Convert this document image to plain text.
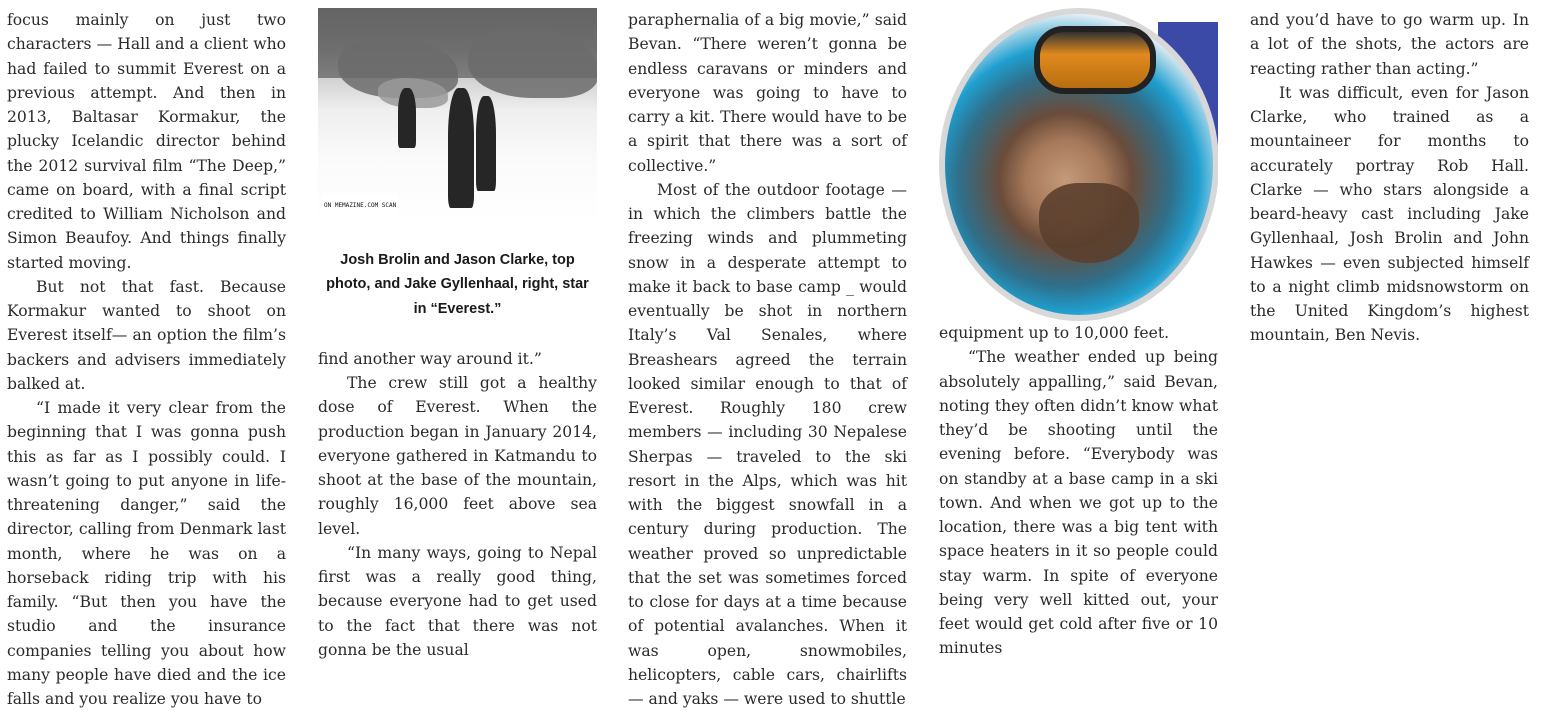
focus mainly on just two characters — Hall and a client who had failed to summit Everest on a previous attempt. And then in 2013, Baltasar Kormakur, the plucky Icelandic director behind the 2012 survival film “The Deep,” came on board, with a final script credited to William Nicholson and Simon Beaufoy. And things finally started moving.

But not that fast. Because Kormakur wanted to shoot on Everest itself— an option the film’s backers and advisers immediately balked at.

“I made it very clear from the beginning that I was gonna push this as far as I possibly could. I wasn’t going to put anyone in life-threatening danger,” said the director, calling from Denmark last month, where he was on a horseback riding trip with his family. “But then you have the studio and the insurance companies telling you about how many people have died and the ice falls and you realize you have to

ON MEMAZINE.COM SCAN
Josh Brolin and Jason Clarke, top photo, and Jake Gyllenhaal, right, star in “Everest.”

find another way around it.”

The crew still got a healthy dose of Everest. When the production began in January 2014, everyone gathered in Katmandu to shoot at the base of the mountain, roughly 16,000 feet above sea level.

“In many ways, going to Nepal first was a really good thing, because everyone had to get used to the fact that there was not gonna be the usual

paraphernalia of a big movie,” said Bevan. “There weren’t gonna be endless caravans or minders and everyone was going to have to carry a kit. There would have to be a spirit that there was a sort of collective.”

Most of the outdoor footage —in which the climbers battle the freezing winds and plummeting snow in a desperate attempt to make it back to base camp _ would eventually be shot in northern Italy’s Val Senales, where Breashears agreed the terrain looked similar enough to that of Everest. Roughly 180 crew members — including 30 Nepalese Sherpas — traveled to the ski resort in the Alps, which was hit with the biggest snowfall in a century during production. The weather proved so unpredictable that the set was sometimes forced to close for days at a time because of potential avalanches. When it was open, snowmobiles, helicopters, cable cars, chairlifts — and yaks — were used to shuttle

equipment up to 10,000 feet.

“The weather ended up being absolutely appalling,” said Bevan, noting they often didn’t know what they’d be shooting until the evening before. “Everybody was on standby at a base camp in a ski town. And when we got up to the location, there was a big tent with space heaters in it so people could stay warm. In spite of everyone being very well kitted out, your feet would get cold after five or 10 minutes

and you’d have to go warm up. In a lot of the shots, the actors are reacting rather than acting.”

It was difficult, even for Jason Clarke, who trained as a mountaineer for months to accurately portray Rob Hall. Clarke — who stars alongside a beard-heavy cast including Jake Gyllenhaal, Josh Brolin and John Hawkes — even subjected himself to a night climb midsnowstorm on the United Kingdom’s highest mountain, Ben Nevis.
